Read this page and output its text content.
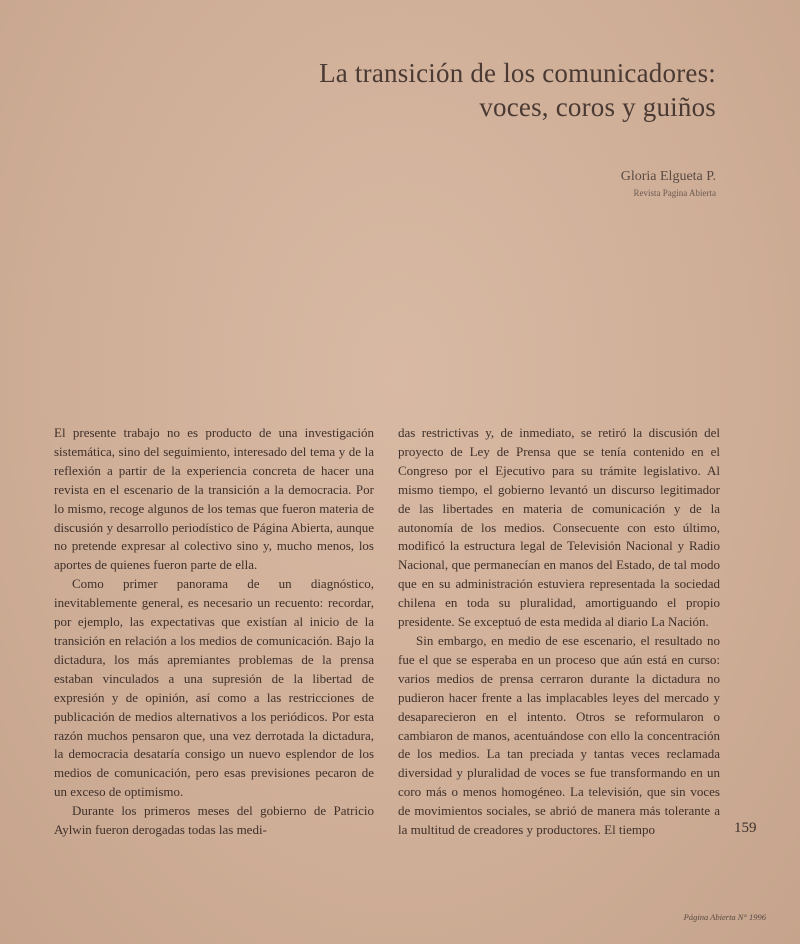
La transición de los comunicadores:
voces, coros y guiños
Gloria Elgueta P.
Revista Pagina Abierta

El presente trabajo no es producto de una investigación sistemática, sino del seguimiento, interesado del tema y de la reflexión a partir de la experiencia concreta de hacer una revista en el escenario de la transición a la democracia. Por lo mismo, recoge algunos de los temas que fueron materia de discusión y desarrollo periodístico de Página Abierta, aunque no pretende expresar al colectivo sino y, mucho menos, los aportes de quienes fueron parte de ella.

Como primer panorama de un diagnóstico, inevitablemente general, es necesario un recuento: recordar, por ejemplo, las expectativas que existían al inicio de la transición en relación a los medios de comunicación. Bajo la dictadura, los más apremiantes problemas de la prensa estaban vinculados a una supresión de la libertad de expresión y de opinión, así como a las restricciones de publicación de medios alternativos a los periódicos. Por esta razón muchos pensaron que, una vez derrotada la dictadura, la democracia desataría consigo un nuevo esplendor de los medios de comunicación, pero esas previsiones pecaron de un exceso de optimismo.

Durante los primeros meses del gobierno de Patricio Aylwin fueron derogadas todas las medi-

das restrictivas y, de inmediato, se retiró la discusión del proyecto de Ley de Prensa que se tenía contenido en el Congreso por el Ejecutivo para su trámite legislativo. Al mismo tiempo, el gobierno levantó un discurso legitimador de las libertades en materia de comunicación y de la autonomía de los medios. Consecuente con esto último, modificó la estructura legal de Televisión Nacional y Radio Nacional, que permanecían en manos del Estado, de tal modo que en su administración estuviera representada la sociedad chilena en toda su pluralidad, amortiguando el propio presidente. Se exceptuó de esta medida al diario La Nación.

Sin embargo, en medio de ese escenario, el resultado no fue el que se esperaba en un proceso que aún está en curso: varios medios de prensa cerraron durante la dictadura no pudieron hacer frente a las implacables leyes del mercado y desaparecieron en el intento. Otros se reformularon o cambiaron de manos, acentuándose con ello la concentración de los medios. La tan preciada y tantas veces reclamada diversidad y pluralidad de voces se fue transformando en un coro más o menos homogéneo. La televisión, que sin voces de movimientos sociales, se abrió de manera más tolerante a la multitud de creadores y productores. El tiempo	159
Página Abierta N° 1996
